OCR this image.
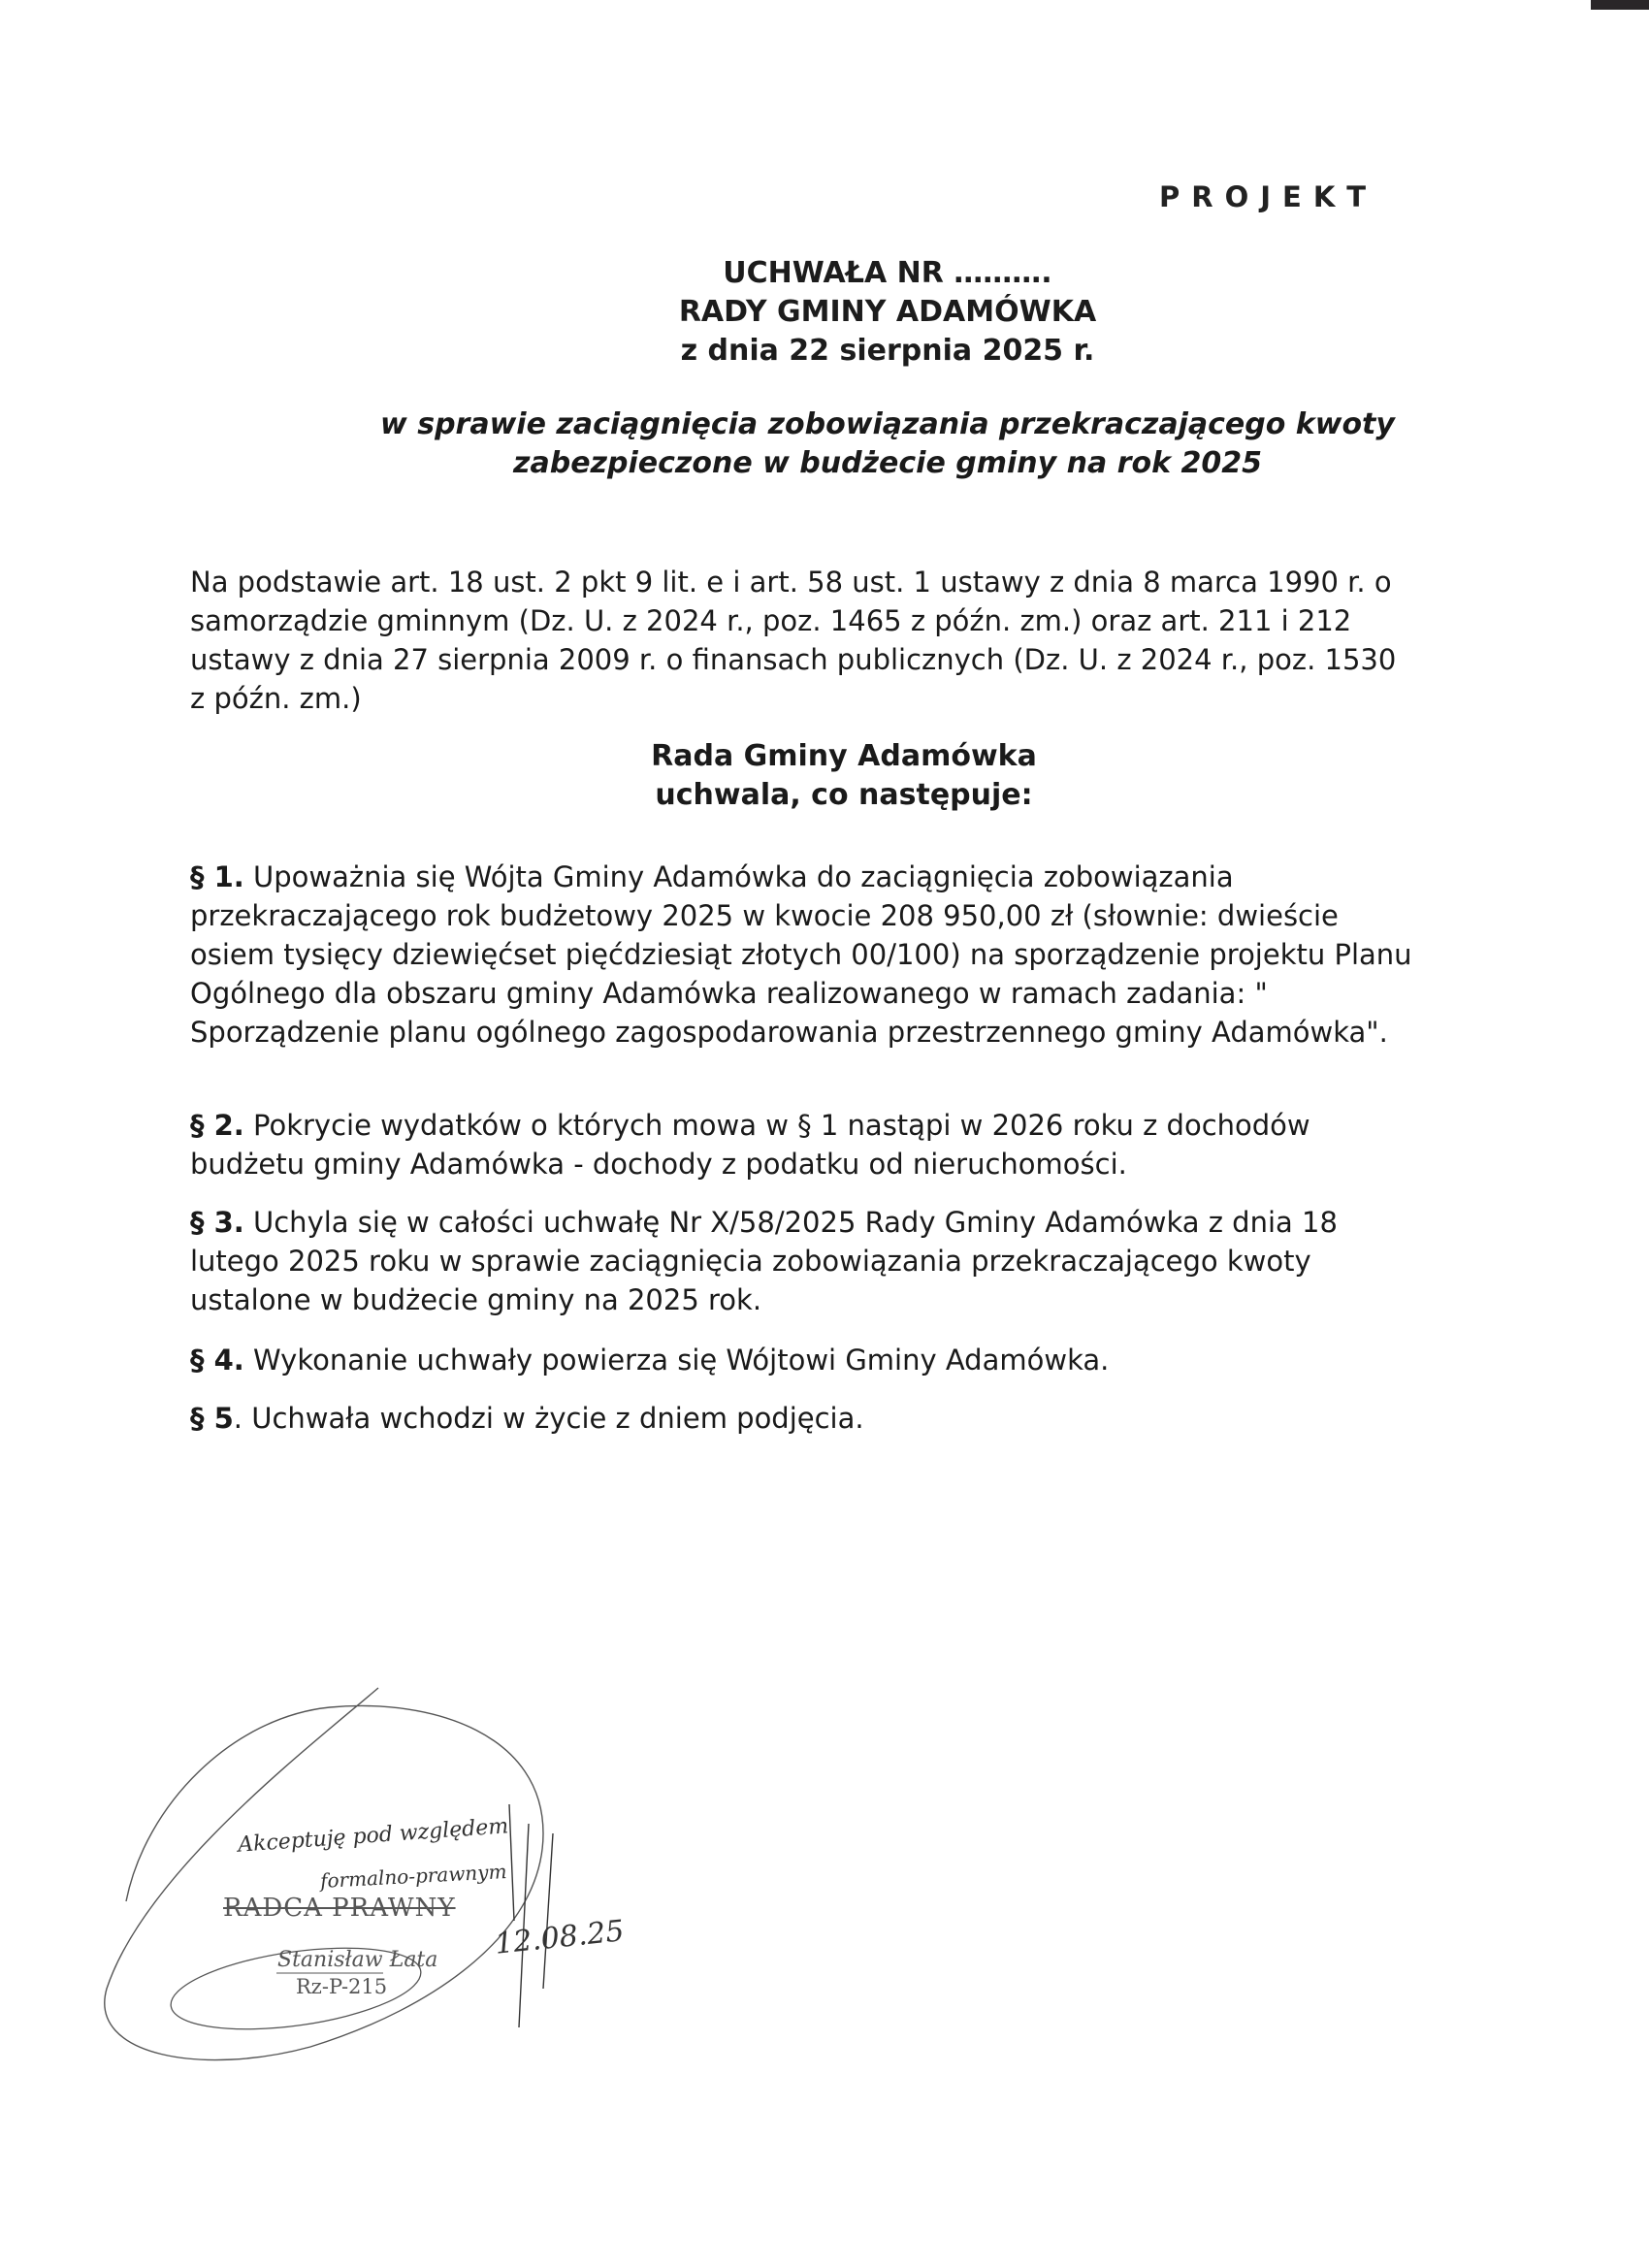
PROJEKT
UCHWAŁA NR ……….
RADY GMINY ADAMÓWKA
z dnia 22 sierpnia 2025 r.
w sprawie zaciągnięcia zobowiązania przekraczającego kwoty
zabezpieczone w budżecie gminy na rok 2025
Na podstawie art. 18 ust. 2 pkt 9 lit. e i art. 58 ust. 1 ustawy z dnia 8 marca 1990 r. o samorządzie gminnym (Dz. U. z 2024 r., poz. 1465 z późn. zm.) oraz art. 211 i 212 ustawy z dnia 27 sierpnia 2009 r. o finansach publicznych (Dz. U. z 2024 r., poz. 1530 z późn. zm.)
Rada Gminy Adamówka
uchwala, co następuje:
§ 1. Upoważnia się Wójta Gminy Adamówka do zaciągnięcia zobowiązania przekraczającego rok budżetowy 2025 w kwocie 208 950,00 zł (słownie: dwieście osiem tysięcy dziewięćset pięćdziesiąt złotych 00/100) na sporządzenie projektu Planu Ogólnego dla obszaru gminy Adamówka realizowanego w ramach zadania: " Sporządzenie planu ogólnego zagospodarowania przestrzennego gminy Adamówka".
§ 2. Pokrycie wydatków o których mowa w § 1 nastąpi w 2026 roku z dochodów budżetu gminy Adamówka - dochody z podatku od nieruchomości.
§ 3. Uchyla się w całości uchwałę Nr X/58/2025 Rady Gminy Adamówka z dnia 18 lutego 2025 roku w sprawie zaciągnięcia zobowiązania przekraczającego kwoty ustalone w budżecie gminy na 2025 rok.
§ 4. Wykonanie uchwały powierza się Wójtowi Gminy Adamówka.
§ 5. Uchwała wchodzi w życie z dniem podjęcia.
Akceptuję pod względem
formalno-prawnym
RADCA PRAWNY
Stanisław Łata
Rz-P-215
12.08.25
